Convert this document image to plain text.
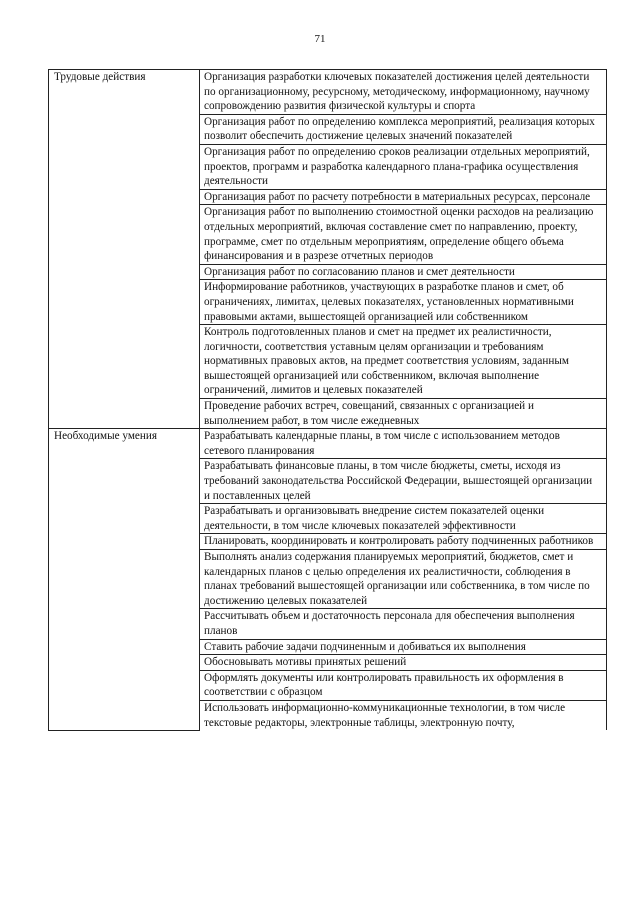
71
Трудовые действия	Организация разработки ключевых показателей достижения целей деятельности по организационному, ресурсному, методическому, информационному, научному сопровождению развития физической культуры и спорта
	Организация работ по определению комплекса мероприятий, реализация которых позволит обеспечить достижение целевых значений показателей
	Организация работ по определению сроков реализации отдельных мероприятий, проектов, программ и разработка календарного плана-графика осуществления деятельности
	Организация работ по расчету потребности в материальных ресурсах, персонале
	Организация работ по выполнению стоимостной оценки расходов на реализацию отдельных мероприятий, включая составление смет по направлению, проекту, программе, смет по отдельным мероприятиям, определение общего объема финансирования и в разрезе отчетных периодов
	Организация работ по согласованию планов и смет деятельности
	Информирование работников, участвующих в разработке планов и смет, об ограничениях, лимитах, целевых показателях, установленных нормативными правовыми актами, вышестоящей организацией или собственником
	Контроль подготовленных планов и смет на предмет их реалистичности, логичности, соответствия уставным целям организации и требованиям нормативных правовых актов, на предмет соответствия условиям, заданным вышестоящей организацией или собственником, включая выполнение ограничений, лимитов и целевых показателей
	Проведение рабочих встреч, совещаний, связанных с организацией и выполнением работ, в том числе ежедневных
Необходимые умения	Разрабатывать календарные планы, в том числе с использованием методов сетевого планирования
	Разрабатывать финансовые планы, в том числе бюджеты, сметы, исходя из требований законодательства Российской Федерации, вышестоящей организации и поставленных целей
	Разрабатывать и организовывать внедрение систем показателей оценки деятельности, в том числе ключевых показателей эффективности
	Планировать, координировать и контролировать работу подчиненных работников
	Выполнять анализ содержания планируемых мероприятий, бюджетов, смет и календарных планов с целью определения их реалистичности, соблюдения в планах требований вышестоящей организации или собственника, в том числе по достижению целевых показателей
	Рассчитывать объем и достаточность персонала для обеспечения выполнения планов
	Ставить рабочие задачи подчиненным и добиваться их выполнения
	Обосновывать мотивы принятых решений
	Оформлять документы или контролировать правильность их оформления в соответствии с образцом
	Использовать информационно-коммуникационные технологии, в том числе текстовые редакторы, электронные таблицы, электронную почту,
